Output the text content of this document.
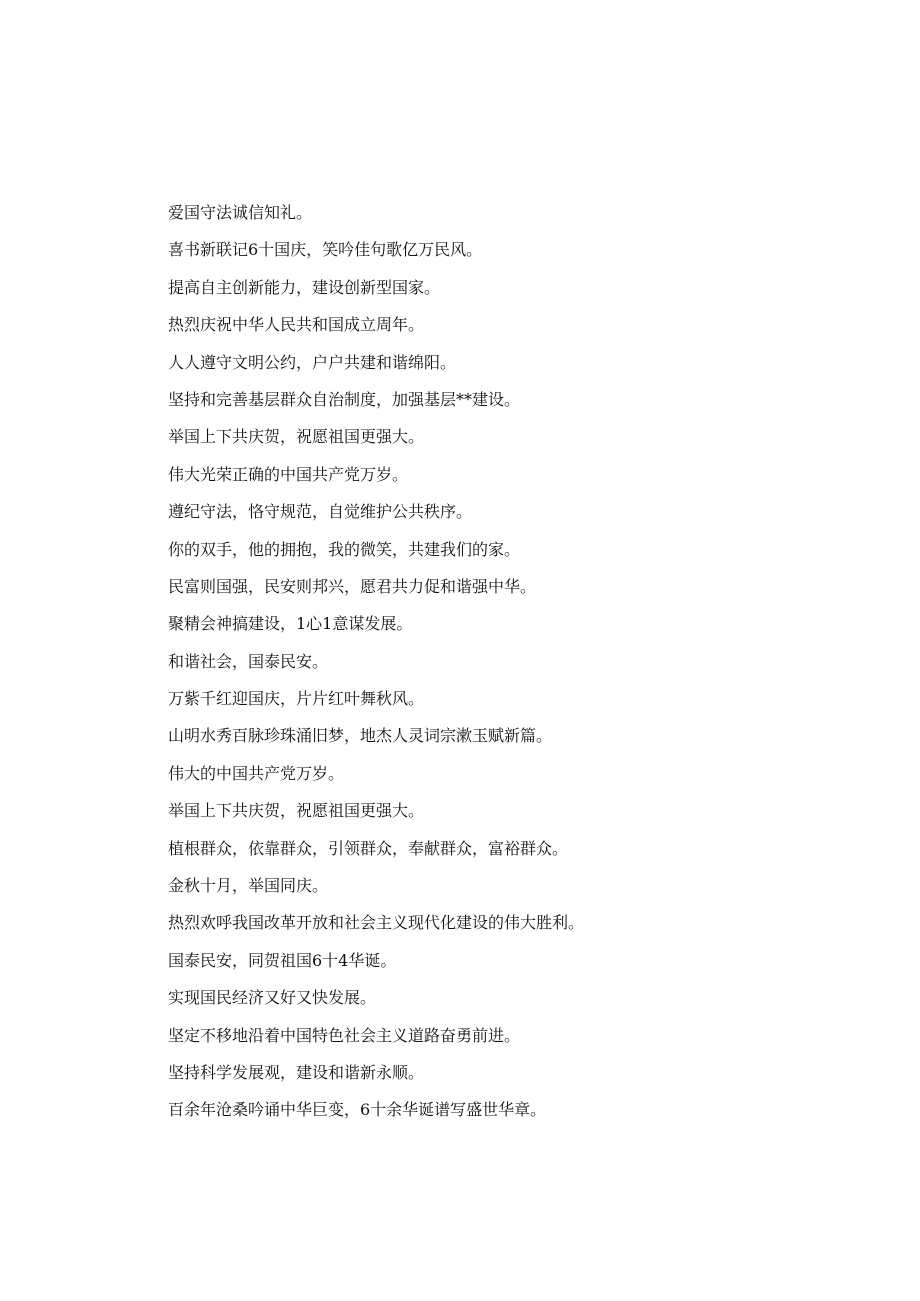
爱国守法诚信知礼。
喜书新联记6十国庆，笑吟佳句歌亿万民风。
提高自主创新能力，建设创新型国家。
热烈庆祝中华人民共和国成立周年。
人人遵守文明公约，户户共建和谐绵阳。
坚持和完善基层群众自治制度，加强基层**建设。
举国上下共庆贺，祝愿祖国更强大。
伟大光荣正确的中国共产党万岁。
遵纪守法，恪守规范，自觉维护公共秩序。
你的双手，他的拥抱，我的微笑，共建我们的家。
民富则国强，民安则邦兴，愿君共力促和谐强中华。
聚精会神搞建设，1心1意谋发展。
和谐社会，国泰民安。
万紫千红迎国庆，片片红叶舞秋风。
山明水秀百脉珍珠涌旧梦，地杰人灵词宗漱玉赋新篇。
伟大的中国共产党万岁。
举国上下共庆贺，祝愿祖国更强大。
植根群众，依靠群众，引领群众，奉献群众，富裕群众。
金秋十月，举国同庆。
热烈欢呼我国改革开放和社会主义现代化建设的伟大胜利。
国泰民安，同贺祖国6十4华诞。
实现国民经济又好又快发展。
坚定不移地沿着中国特色社会主义道路奋勇前进。
坚持科学发展观，建设和谐新永顺。
百余年沧桑吟诵中华巨变，6十余华诞谱写盛世华章。
